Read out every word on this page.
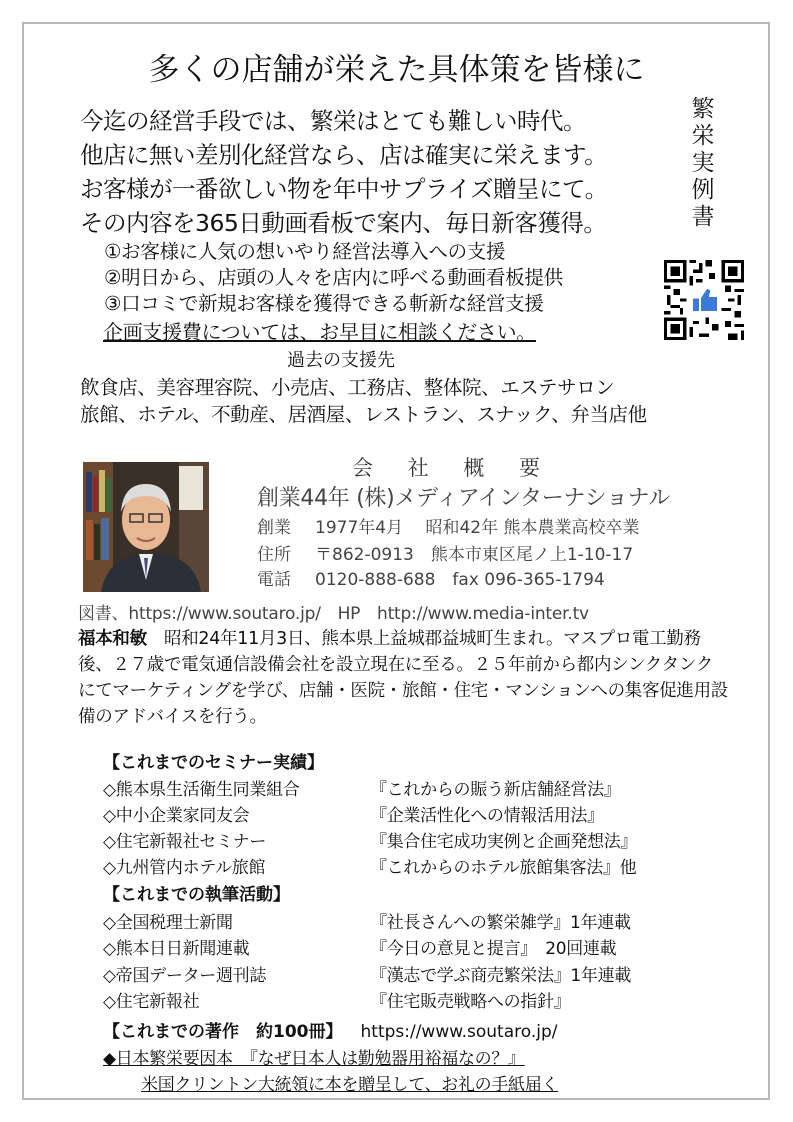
多くの店舗が栄えた具体策を皆様に
今迄の経営手段では、繁栄はとても難しい時代。
他店に無い差別化経営なら、店は確実に栄えます。
お客様が一番欲しい物を年中サプライズ贈呈にて。
その内容を365日動画看板で案内、毎日新客獲得。
繁
栄
実
例
書
①お客様に人気の想いやり経営法導入への支援
②明日から、店頭の人々を店内に呼べる動画看板提供
③口コミで新規お客様を獲得できる斬新な経営支援
企画支援費については、お早目に相談ください。
過去の支援先
飲食店、美容理容院、小売店、工務店、整体院、エステサロン
旅館、ホテル、不動産、居酒屋、レストラン、スナック、弁当店他
会 社 概 要
創業44年 (株)メディアインターナショナル
創業 1977年4月　 昭和42年 熊本農業高校卒業
住所 〒862-0913　熊本市東区尾ノ上1-10-17
電話 0120-888-688　fax 096-365-1794
図書、https://www.soutaro.jp/　HP　http://www.media-inter.tv
福本和敏　昭和24年11月3日、熊本県上益城郡益城町生まれ。マスプロ電工勤務後、２７歳で電気通信設備会社を設立現在に至る。２５年前から都内シンクタンクにてマーケティングを学び、店舗・医院・旅館・住宅・マンションへの集客促進用設備のアドバイスを行う。
【これまでのセミナー実績】
◇熊本県生活衛生同業組合	『これからの賑う新店舗経営法』
◇中小企業家同友会	『企業活性化への情報活用法』
◇住宅新報社セミナー	『集合住宅成功実例と企画発想法』
◇九州管内ホテル旅館	『これからのホテル旅館集客法』他
【これまでの執筆活動】
◇全国税理士新聞	『社長さんへの繁栄雑学』1年連載
◇熊本日日新聞連載	『今日の意見と提言』　20回連載
◇帝国データー週刊誌	『漢志で学ぶ商売繁栄法』1年連載
◇住宅新報社	『住宅販売戦略への指針』
【これまでの著作　約100冊】 https://www.soutaro.jp/
◆日本繁栄要因本　『なぜ日本人は勤勉器用裕福なの？』
米国クリントン大統領に本を贈呈して、お礼の手紙届く
